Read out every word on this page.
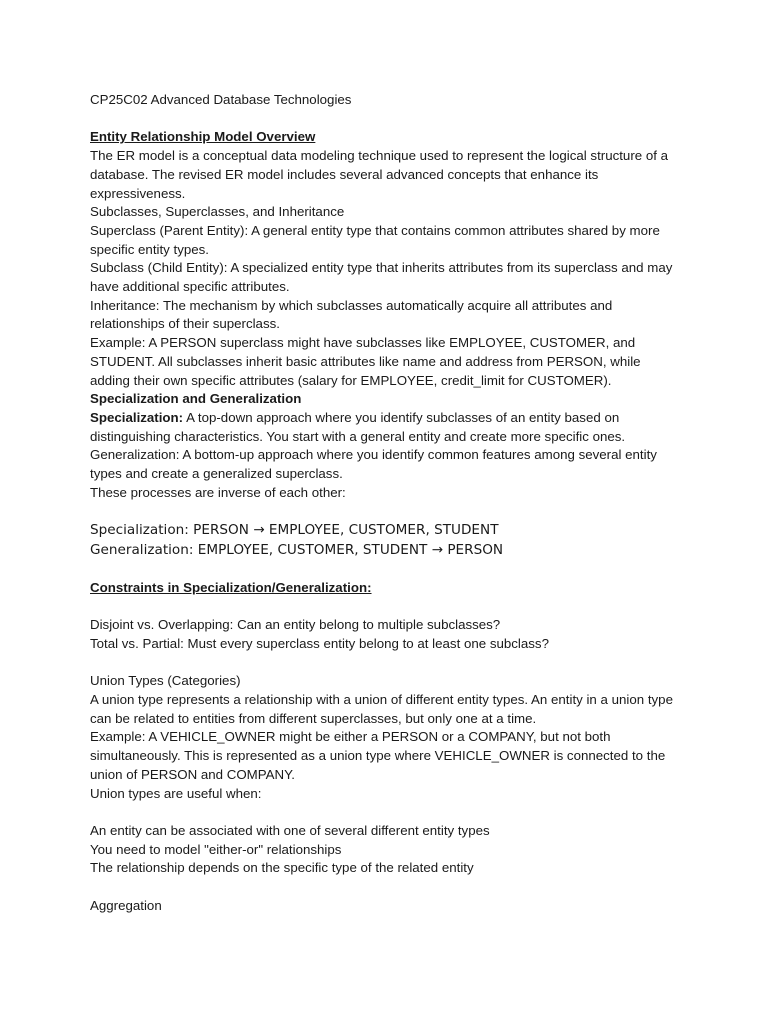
CP25C02 Advanced Database Technologies
Entity Relationship Model Overview
The ER model is a conceptual data modeling technique used to represent the logical structure of a database. The revised ER model includes several advanced concepts that enhance its expressiveness.
Subclasses, Superclasses, and Inheritance
Superclass (Parent Entity): A general entity type that contains common attributes shared by more specific entity types.
Subclass (Child Entity): A specialized entity type that inherits attributes from its superclass and may have additional specific attributes.
Inheritance: The mechanism by which subclasses automatically acquire all attributes and relationships of their superclass.
Example: A PERSON superclass might have subclasses like EMPLOYEE, CUSTOMER, and STUDENT. All subclasses inherit basic attributes like name and address from PERSON, while adding their own specific attributes (salary for EMPLOYEE, credit_limit for CUSTOMER).
Specialization and Generalization
Specialization: A top-down approach where you identify subclasses of an entity based on distinguishing characteristics. You start with a general entity and create more specific ones.
Generalization: A bottom-up approach where you identify common features among several entity types and create a generalized superclass.
These processes are inverse of each other:
Specialization: PERSON → EMPLOYEE, CUSTOMER, STUDENT
Generalization: EMPLOYEE, CUSTOMER, STUDENT → PERSON
Constraints in Specialization/Generalization:
Disjoint vs. Overlapping: Can an entity belong to multiple subclasses?
Total vs. Partial: Must every superclass entity belong to at least one subclass?
Union Types (Categories)
A union type represents a relationship with a union of different entity types. An entity in a union type can be related to entities from different superclasses, but only one at a time.
Example: A VEHICLE_OWNER might be either a PERSON or a COMPANY, but not both simultaneously. This is represented as a union type where VEHICLE_OWNER is connected to the union of PERSON and COMPANY.
Union types are useful when:
An entity can be associated with one of several different entity types
You need to model "either-or" relationships
The relationship depends on the specific type of the related entity
Aggregation
